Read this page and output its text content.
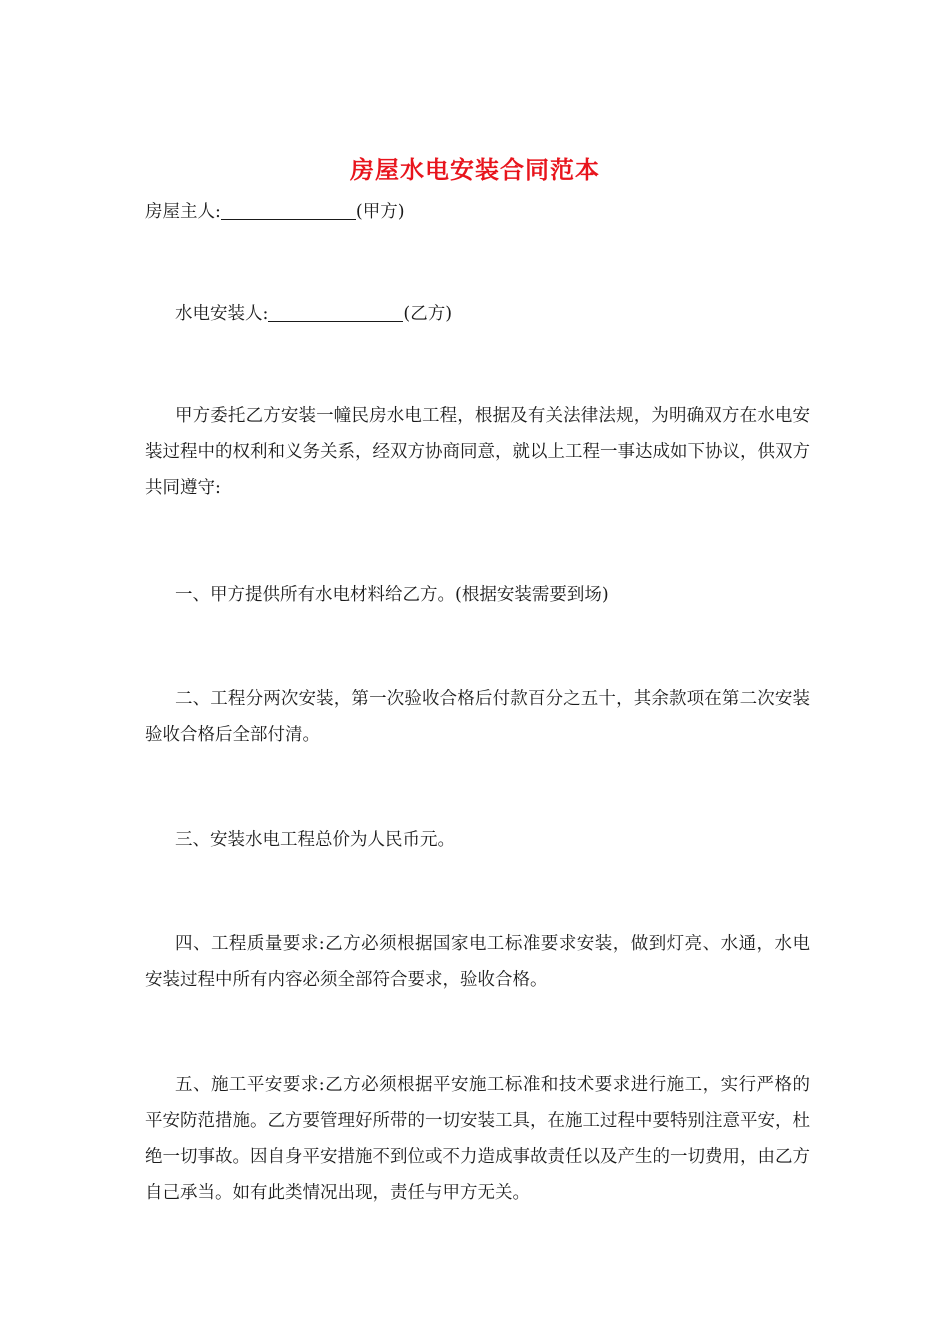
房屋水电安装合同范本
房屋主人:	(甲方)
水电安装人:	(乙方)

甲方委托乙方安装一幢民房水电工程，根据及有关法律法规，为明确双方在水电安装过程中的权利和义务关系，经双方协商同意，就以上工程一事达成如下协议，供双方共同遵守:

一、甲方提供所有水电材料给乙方。(根据安装需要到场)

二、工程分两次安装，第一次验收合格后付款百分之五十，其余款项在第二次安装验收合格后全部付清。

三、安装水电工程总价为人民币元。

四、工程质量要求:乙方必须根据国家电工标准要求安装，做到灯亮、水通，水电安装过程中所有内容必须全部符合要求，验收合格。

五、施工平安要求:乙方必须根据平安施工标准和技术要求进行施工，实行严格的平安防范措施。乙方要管理好所带的一切安装工具，在施工过程中要特别注意平安，杜绝一切事故。因自身平安措施不到位或不力造成事故责任以及产生的一切费用，由乙方自己承当。如有此类情况出现，责任与甲方无关。
